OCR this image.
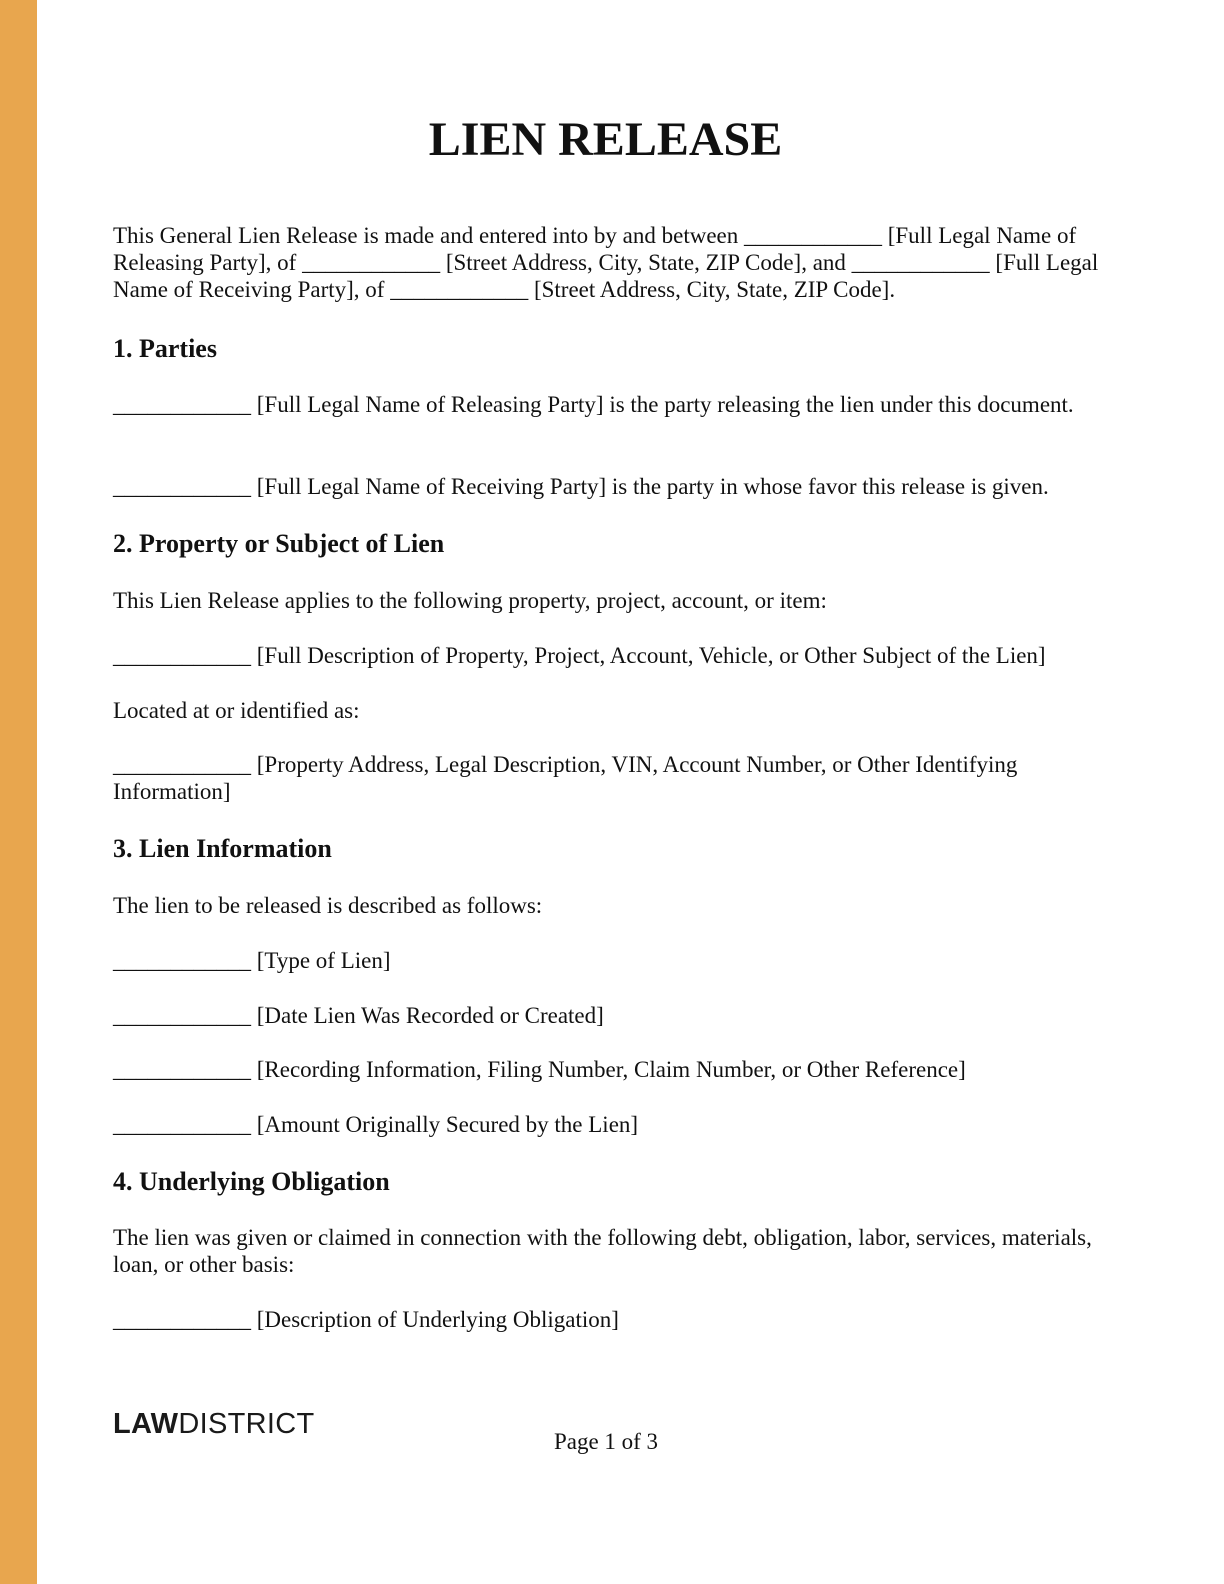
LIEN RELEASE

This General Lien Release is made and entered into by and between ____________ [Full Legal Name of Releasing Party], of ____________ [Street Address, City, State, ZIP Code], and ____________ [Full Legal Name of Receiving Party], of ____________ [Street Address, City, State, ZIP Code].

1. Parties

____________ [Full Legal Name of Releasing Party] is the party releasing the lien under this document.

____________ [Full Legal Name of Receiving Party] is the party in whose favor this release is given.

2. Property or Subject of Lien

This Lien Release applies to the following property, project, account, or item:

____________ [Full Description of Property, Project, Account, Vehicle, or Other Subject of the Lien]

Located at or identified as:

____________ [Property Address, Legal Description, VIN, Account Number, or Other Identifying Information]

3. Lien Information

The lien to be released is described as follows:

____________ [Type of Lien]

____________ [Date Lien Was Recorded or Created]

____________ [Recording Information, Filing Number, Claim Number, or Other Reference]

____________ [Amount Originally Secured by the Lien]

4. Underlying Obligation

The lien was given or claimed in connection with the following debt, obligation, labor, services, materials, loan, or other basis:

____________ [Description of Underlying Obligation]

LAWDISTRICT

Page 1 of 3
